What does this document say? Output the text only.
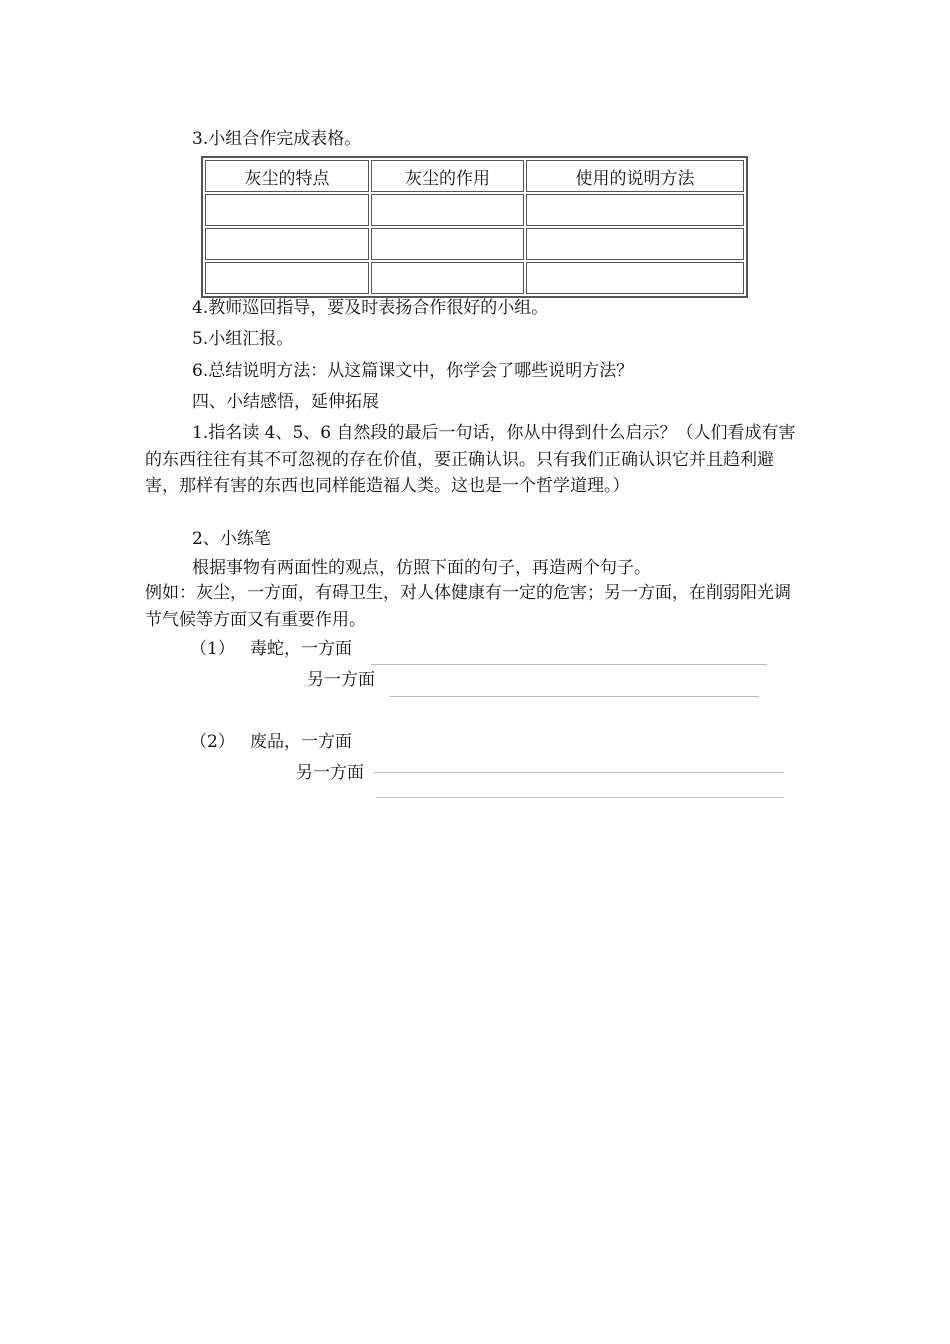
3.小组合作完成表格。
灰尘的特点	灰尘的作用	使用的说明方法

4.教师巡回指导，要及时表扬合作很好的小组。
5.小组汇报。
6.总结说明方法：从这篇课文中，你学会了哪些说明方法？
四、小结感悟，延伸拓展
1.指名读 4、5、6 自然段的最后一句话，你从中得到什么启示？（人们看成有害的东西往往有其不可忽视的存在价值，要正确认识。只有我们正确认识它并且趋利避害，那样有害的东西也同样能造福人类。这也是一个哲学道理。）
2、小练笔
根据事物有两面性的观点，仿照下面的句子，再造两个句子。
例如：灰尘，一方面，有碍卫生，对人体健康有一定的危害；另一方面，在削弱阳光调节气候等方面又有重要作用。
（1） 毒蛇，一方面
另一方面
（2） 废品，一方面
另一方面
